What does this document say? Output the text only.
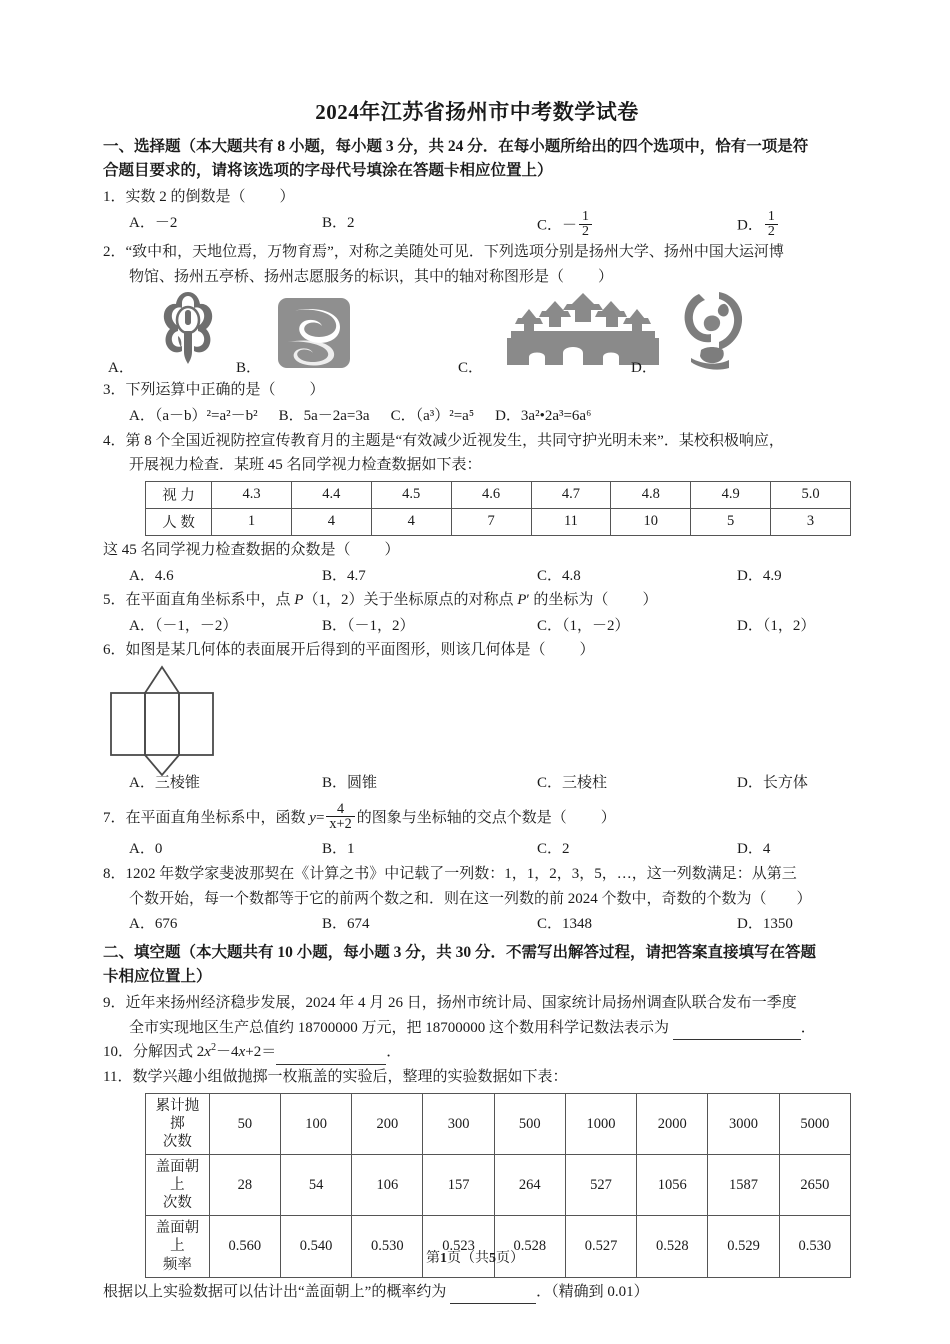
2024年江苏省扬州市中考数学试卷
一、选择题（本大题共有 8 小题，每小题 3 分，共 24 分．在每小题所给出的四个选项中，恰有一项是符
合题目要求的，请将该选项的字母代号填涂在答题卡相应位置上）
1．实数 2 的倒数是（ ）
A．－2	B．2	C．－ $\frac{1}{2}$	D． $\frac{1}{2}$
2．“致中和，天地位焉，万物育焉”，对称之美随处可见．下列选项分别是扬州大学、扬州中国大运河博
物馆、扬州五亭桥、扬州志愿服务的标识，其中的轴对称图形是（ ）
A．	B．	C．	D．
3．下列运算中正确的是（ ）
A．（a－b）²=a²－b² B．5a－2a=3a C．（a³）²=a⁵ D．3a²•2a³=6a⁶
4．第 8 个全国近视防控宣传教育月的主题是“有效减少近视发生，共同守护光明未来”．某校积极响应，
开展视力检查．某班 45 名同学视力检查数据如下表：
视 力	4.3	4.4	4.5	4.6	4.7	4.8	4.9	5.0
人 数	1	4	4	7	11	10	5	3
这 45 名同学视力检查数据的众数是（ ）
A．4.6	B．4.7	C．4.8	D．4.9
5．在平面直角坐标系中，点 P（1，2）关于坐标原点的对称点 P′ 的坐标为（ ）
A．（－1，－2）	B．（－1，2）	C．（1，－2）	D．（1，2）
6．如图是某几何体的表面展开后得到的平面图形，则该几何体是（ ）
A．三棱锥	B．圆锥	C．三棱柱	D．长方体
7．在平面直角坐标系中，函数 $y= \frac{4}{x+2}$ 的图象与坐标轴的交点个数是（ ）
A．0	B．1	C．2	D．4
8．1202 年数学家斐波那契在《计算之书》中记载了一列数：1，1，2，3，5，…，这一列数满足：从第三
个数开始，每一个数都等于它的前两个数之和．则在这一列数的前 2024 个数中，奇数的个数为（ ）
A．676	B．674	C．1348	D．1350
二、填空题（本大题共有 10 小题，每小题 3 分，共 30 分．不需写出解答过程，请把答案直接填写在答题
卡相应位置上）
9．近年来扬州经济稳步发展，2024 年 4 月 26 日，扬州市统计局、国家统计局扬州调查队联合发布一季度
全市实现地区生产总值约 18700000 万元，把 18700000 这个数用科学记数法表示为	．
10．分解因式 $2x^2-4x+2=$	．
11．数学兴趣小组做抛掷一枚瓶盖的实验后，整理的实验数据如下表：
累计抛掷
次数	50	100	200	300	500	1000	2000	3000	5000

盖面朝上
次数	28	54	106	157	264	527	1056	1587	2650

盖面朝上
频率	0.560	0.540	0.530	0.523	0.528	0.527	0.528	0.529	0.530
根据以上实验数据可以估计出“盖面朝上”的概率约为	．（精确到 0.01）
第1页（共5页）
